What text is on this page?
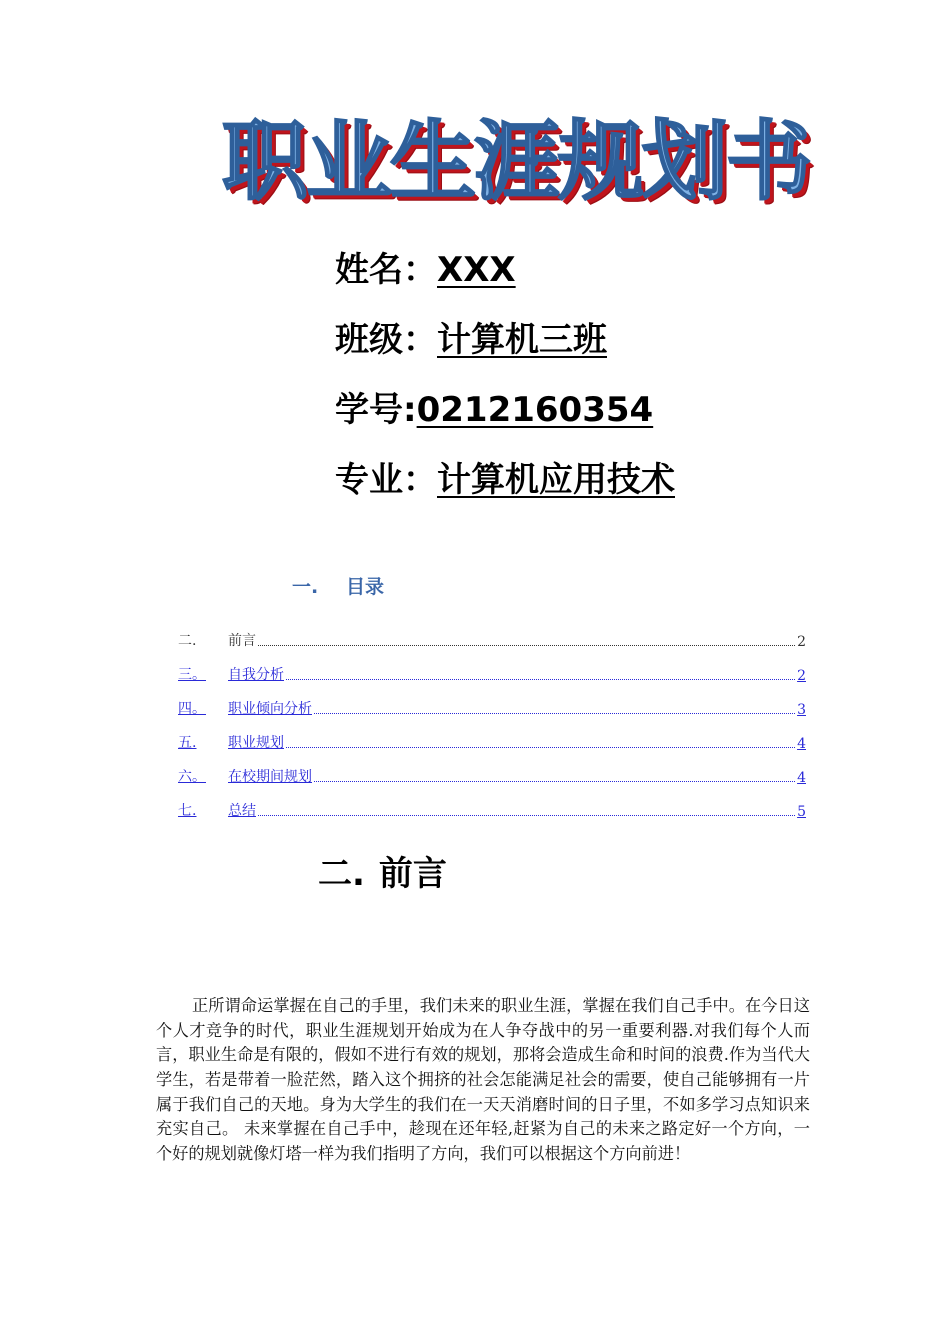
职业生涯规划书
姓名：XXX
班级：计算机三班
学号:0212160354
专业：计算机应用技术
一. 目录
二.	前言	2
三。	自我分析	2
四。	职业倾向分析	3
五.	职业规划	4
六。	在校期间规划	4
七.	总结	5
二. 前言

正所谓命运掌握在自己的手里，我们未来的职业生涯，掌握在我们自己手中。在今日这个人才竞争的时代，职业生涯规划开始成为在人争夺战中的另一重要利器.对我们每个人而言，职业生命是有限的，假如不进行有效的规划，那将会造成生命和时间的浪费.作为当代大学生，若是带着一脸茫然，踏入这个拥挤的社会怎能满足社会的需要，使自己能够拥有一片属于我们自己的天地。身为大学生的我们在一天天消磨时间的日子里，不如多学习点知识来充实自己。 未来掌握在自己手中，趁现在还年轻,赶紧为自己的未来之路定好一个方向，一个好的规划就像灯塔一样为我们指明了方向，我们可以根据这个方向前进！
